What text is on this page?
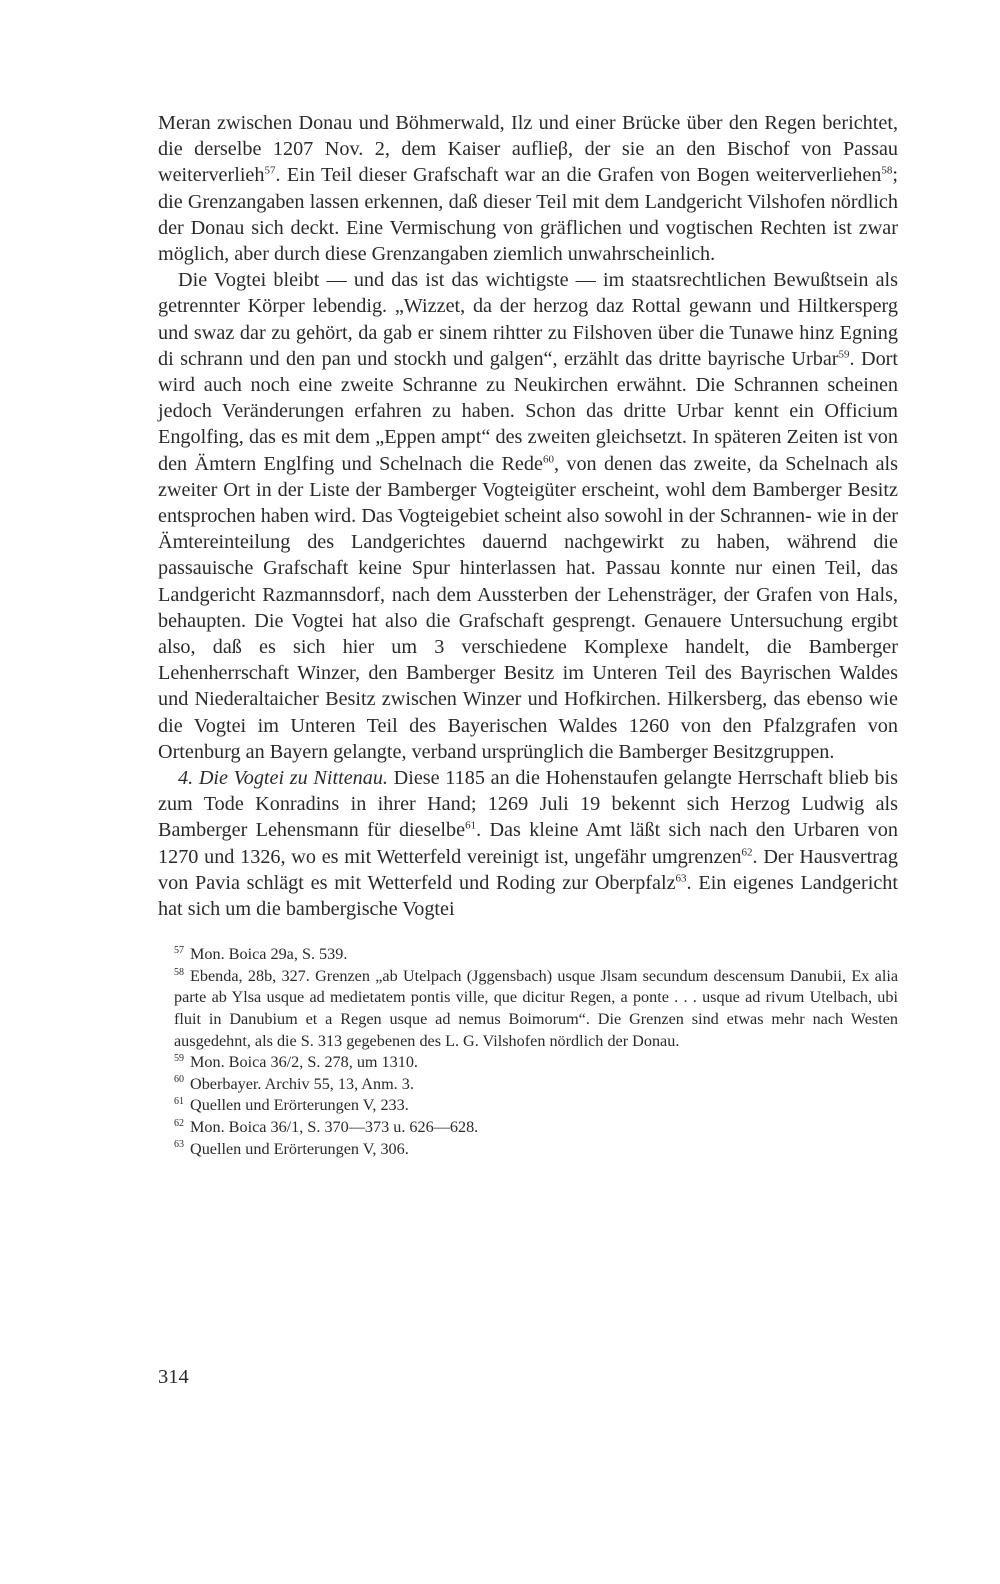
Meran zwischen Donau und Böhmerwald, Ilz und einer Brücke über den Regen berichtet, die derselbe 1207 Nov. 2, dem Kaiser auflieβ, der sie an den Bischof von Passau weiterverlieh$^{57}$. Ein Teil dieser Grafschaft war an die Grafen von Bogen weiterverliehen$^{58}$; die Grenzangaben lassen erkennen, daß dieser Teil mit dem Landgericht Vilshofen nördlich der Donau sich deckt. Eine Vermischung von gräflichen und vogtischen Rechten ist zwar möglich, aber durch diese Grenzangaben ziemlich unwahrscheinlich.

Die Vogtei bleibt — und das ist das wichtigste — im staatsrechtlichen Bewußtsein als getrennter Körper lebendig. „Wizzet, da der herzog daz Rottal gewann und Hiltkersperg und swaz dar zu gehört, da gab er sinem rihtter zu Filshoven über die Tunawe hinz Egning di schrann und den pan und stockh und galgen“, erzählt das dritte bayrische Urbar$^{59}$. Dort wird auch noch eine zweite Schranne zu Neukirchen erwähnt. Die Schrannen scheinen jedoch Veränderungen erfahren zu haben. Schon das dritte Urbar kennt ein Officium Engolfing, das es mit dem „Eppen ampt“ des zweiten gleichsetzt. In späteren Zeiten ist von den Ämtern Englfing und Schelnach die Rede$^{60}$, von denen das zweite, da Schelnach als zweiter Ort in der Liste der Bamberger Vogteigüter erscheint, wohl dem Bamberger Besitz entsprochen haben wird. Das Vogteigebiet scheint also sowohl in der Schrannen- wie in der Ämtereinteilung des Landgerichtes dauernd nachgewirkt zu haben, während die passauische Grafschaft keine Spur hinterlassen hat. Passau konnte nur einen Teil, das Landgericht Razmannsdorf, nach dem Aussterben der Lehensträger, der Grafen von Hals, behaupten. Die Vogtei hat also die Grafschaft gesprengt. Genauere Untersuchung ergibt also, daß es sich hier um 3 verschiedene Komplexe handelt, die Bamberger Lehenherrschaft Winzer, den Bamberger Besitz im Unteren Teil des Bayrischen Waldes und Niederaltaicher Besitz zwischen Winzer und Hofkirchen. Hilkersberg, das ebenso wie die Vogtei im Unteren Teil des Bayerischen Waldes 1260 von den Pfalzgrafen von Ortenburg an Bayern gelangte, verband ursprünglich die Bamberger Besitzgruppen.

4. Die Vogtei zu Nittenau. Diese 1185 an die Hohenstaufen gelangte Herrschaft blieb bis zum Tode Konradins in ihrer Hand; 1269 Juli 19 bekennt sich Herzog Ludwig als Bamberger Lehensmann für dieselbe$^{61}$. Das kleine Amt läßt sich nach den Urbaren von 1270 und 1326, wo es mit Wetterfeld vereinigt ist, ungefähr umgrenzen$^{62}$. Der Hausvertrag von Pavia schlägt es mit Wetterfeld und Roding zur Oberpfalz$^{63}$. Ein eigenes Landgericht hat sich um die bambergische Vogtei

$^{57}$ Mon. Boica 29a, S. 539.

$^{58}$ Ebenda, 28b, 327. Grenzen „ab Utelpach (Jggensbach) usque Jlsam secundum descensum Danubii, Ex alia parte ab Ylsa usque ad medietatem pontis ville, que dicitur Regen, a ponte . . . usque ad rivum Utelbach, ubi fluit in Danubium et a Regen usque ad nemus Boimorum“. Die Grenzen sind etwas mehr nach Westen ausgedehnt, als die S. 313 gegebenen des L. G. Vilshofen nördlich der Donau.

$^{59}$ Mon. Boica 36/2, S. 278, um 1310.

$^{60}$ Oberbayer. Archiv 55, 13, Anm. 3.

$^{61}$ Quellen und Erörterungen V, 233.

$^{62}$ Mon. Boica 36/1, S. 370—373 u. 626—628.

$^{63}$ Quellen und Erörterungen V, 306.

314
